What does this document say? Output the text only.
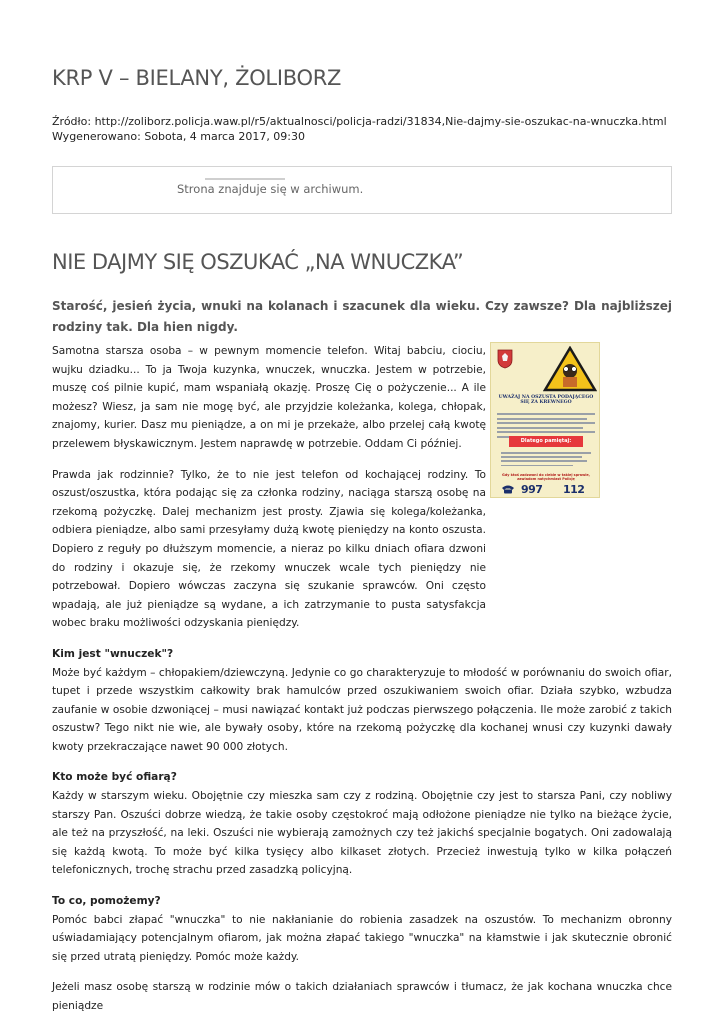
KRP V – BIELANY, ŻOLIBORZ
Źródło: http://zoliborz.policja.waw.pl/r5/aktualnosci/policja-radzi/31834,Nie-dajmy-sie-oszukac-na-wnuczka.html
Wygenerowano: Sobota, 4 marca 2017, 09:30
Strona znajduje się w archiwum.
NIE DAJMY SIĘ OSZUKAĆ „NA WNUCZKA”

Starość, jesień życia, wnuki na kolanach i szacunek dla wieku. Czy zawsze? Dla najbliższej rodziny tak. Dla hien nigdy.

UWAŻAJ NA OSZUSTA PODAJĄCEGO SIĘ ZA KREWNEGO
Dlatego pamiętaj:
Gdy ktoś zadzwoni do ciebie w takiej sprawie, zawiadom natychmiast Policję
997 112

Samotna starsza osoba – w pewnym momencie telefon. Witaj babciu, ciociu, wujku dziadku... To ja Twoja kuzynka, wnuczek, wnuczka. Jestem w potrzebie, muszę coś pilnie kupić, mam wspaniałą okazję. Proszę Cię o pożyczenie... A ile możesz? Wiesz, ja sam nie mogę być, ale przyjdzie koleżanka, kolega, chłopak, znajomy, kurier. Dasz mu pieniądze, a on mi je przekaże, albo przelej całą kwotę przelewem błyskawicznym. Jestem naprawdę w potrzebie. Oddam Ci później.

Prawda jak rodzinnie? Tylko, że to nie jest telefon od kochającej rodziny. To oszust/oszustka, która podając się za członka rodziny, naciąga starszą osobę na rzekomą pożyczkę. Dalej mechanizm jest prosty. Zjawia się kolega/koleżanka, odbiera pieniądze, albo sami przesyłamy dużą kwotę pieniędzy na konto oszusta. Dopiero z reguły po dłuższym momencie, a nieraz po kilku dniach ofiara dzwoni do rodziny i okazuje się, że rzekomy wnuczek wcale tych pieniędzy nie potrzebował. Dopiero wówczas zaczyna się szukanie sprawców. Oni często wpadają, ale już pieniądze są wydane, a ich zatrzymanie to pusta satysfakcja wobec braku możliwości odzyskania pieniędzy.

Kim jest "wnuczek"?

Może być każdym – chłopakiem/dziewczyną. Jedynie co go charakteryzuje to młodość w porównaniu do swoich ofiar, tupet i przede wszystkim całkowity brak hamulców przed oszukiwaniem swoich ofiar. Działa szybko, wzbudza zaufanie w osobie dzwoniącej – musi nawiązać kontakt już podczas pierwszego połączenia. Ile może zarobić z takich oszustw? Tego nikt nie wie, ale bywały osoby, które na rzekomą pożyczkę dla kochanej wnusi czy kuzynki dawały kwoty przekraczające nawet 90 000 złotych.

Kto może być ofiarą?

Każdy w starszym wieku. Obojętnie czy mieszka sam czy z rodziną. Obojętnie czy jest to starsza Pani, czy nobliwy starszy Pan. Oszuści dobrze wiedzą, że takie osoby częstokroć mają odłożone pieniądze nie tylko na bieżące życie, ale też na przyszłość, na leki. Oszuści nie wybierają zamożnych czy też jakichś specjalnie bogatych. Oni zadowalają się każdą kwotą. To może być kilka tysięcy albo kilkaset złotych. Przecież inwestują tylko w kilka połączeń telefonicznych, trochę strachu przed zasadzką policyjną.

To co, pomożemy?

Pomóc babci złapać "wnuczka" to nie nakłanianie do robienia zasadzek na oszustów. To mechanizm obronny uświadamiający potencjalnym ofiarom, jak można złapać takiego "wnuczka" na kłamstwie i jak skutecznie obronić się przed utratą pieniędzy. Pomóc może każdy.

Jeżeli masz osobę starszą w rodzinie mów o takich działaniach sprawców i tłumacz, że jak kochana wnuczka chce pieniądze
